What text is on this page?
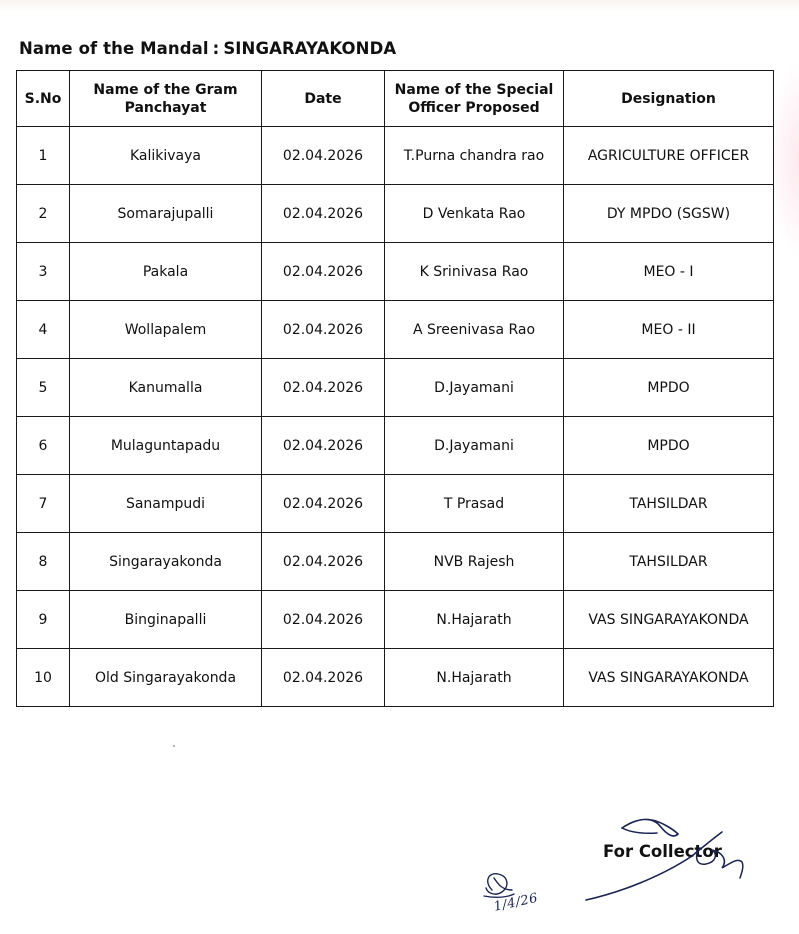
Name of the Mandal : SINGARAYAKONDA
S.No	Name of the Gram Panchayat	Date	Name of the Special Officer Proposed	Designation
1	Kalikivaya	02.04.2026	T.Purna chandra rao	AGRICULTURE OFFICER
2	Somarajupalli	02.04.2026	D Venkata Rao	DY MPDO (SGSW)
3	Pakala	02.04.2026	K Srinivasa Rao	MEO - I
4	Wollapalem	02.04.2026	A Sreenivasa Rao	MEO - II
5	Kanumalla	02.04.2026	D.Jayamani	MPDO
6	Mulaguntapadu	02.04.2026	D.Jayamani	MPDO
7	Sanampudi	02.04.2026	T Prasad	TAHSILDAR
8	Singarayakonda	02.04.2026	NVB Rajesh	TAHSILDAR
9	Binginapalli	02.04.2026	N.Hajarath	VAS SINGARAYAKONDA
10	Old Singarayakonda	02.04.2026	N.Hajarath	VAS SINGARAYAKONDA
For Collector
1/4/26
